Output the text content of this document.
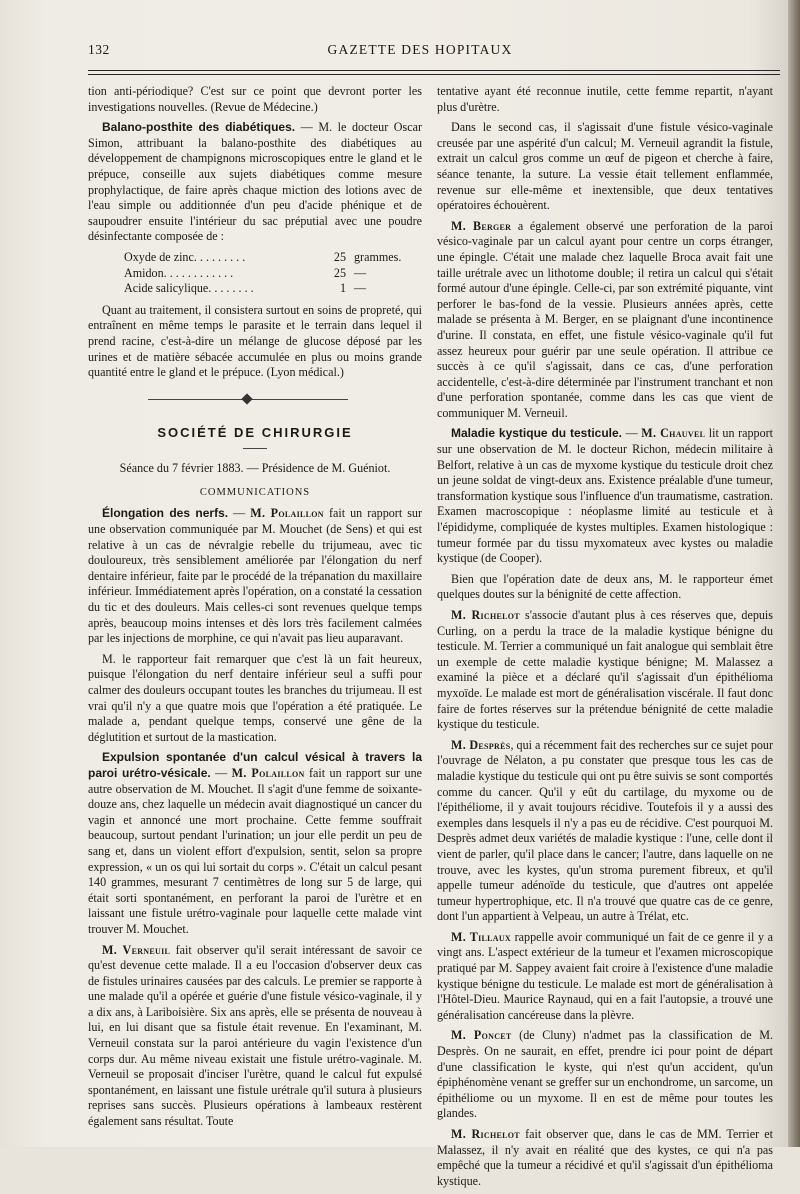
132	GAZETTE DES HOPITAUX

tion anti-périodique? C'est sur ce point que devront porter les investigations nouvelles. (Revue de Médecine.)

Balano-posthite des diabétiques. — M. le docteur Oscar Simon, attribuant la balano-posthite des diabétiques au développement de champignons microscopiques entre le gland et le prépuce, conseille aux sujets diabétiques comme mesure prophylactique, de faire après chaque miction des lotions avec de l'eau simple ou additionnée d'un peu d'acide phénique et de saupoudrer ensuite l'intérieur du sac préputial avec une poudre désinfectante composée de :

Oxyde de zinc. . . . . . . . .	25 grammes.
Amidon. . . . . . . . . . . .	25 —
Acide salicylique. . . . . . . .	1 —

Quant au traitement, il consistera surtout en soins de propreté, qui entraînent en même temps le parasite et le terrain dans lequel il prend racine, c'est-à-dire un mélange de glucose déposé par les urines et de matière sébacée accumulée en plus ou moins grande quantité entre le gland et le prépuce. (Lyon médical.)

SOCIÉTÉ DE CHIRURGIE
Séance du 7 février 1883. — Présidence de M. Guéniot.
COMMUNICATIONS

Élongation des nerfs. — M. Polaillon fait un rapport sur une observation communiquée par M. Mouchet (de Sens) et qui est relative à un cas de névralgie rebelle du trijumeau, avec tic douloureux, très sensiblement améliorée par l'élongation du nerf dentaire inférieur, faite par le procédé de la trépanation du maxillaire inférieur. Immédiatement après l'opération, on a constaté la cessation du tic et des douleurs. Mais celles-ci sont revenues quelque temps après, beaucoup moins intenses et dès lors très facilement calmées par les injections de morphine, ce qui n'avait pas lieu auparavant.

M. le rapporteur fait remarquer que c'est là un fait heureux, puisque l'élongation du nerf dentaire inférieur seul a suffi pour calmer des douleurs occupant toutes les branches du trijumeau. Il est vrai qu'il n'y a que quatre mois que l'opération a été pratiquée. Le malade a, pendant quelque temps, conservé une gêne de la déglutition et surtout de la mastication.

Expulsion spontanée d'un calcul vésical à travers la paroi urétro-vésicale. — M. Polaillon fait un rapport sur une autre observation de M. Mouchet. Il s'agit d'une femme de soixante-douze ans, chez laquelle un médecin avait diagnostiqué un cancer du vagin et annoncé une mort prochaine. Cette femme souffrait beaucoup, surtout pendant l'urination; un jour elle perdit un peu de sang et, dans un violent effort d'expulsion, sentit, selon sa propre expression, « un os qui lui sortait du corps ». C'était un calcul pesant 140 grammes, mesurant 7 centimètres de long sur 5 de large, qui était sorti spontanément, en perforant la paroi de l'urètre et en laissant une fistule urétro-vaginale pour laquelle cette malade vint trouver M. Mouchet.

M. Verneuil fait observer qu'il serait intéressant de savoir ce qu'est devenue cette malade. Il a eu l'occasion d'observer deux cas de fistules urinaires causées par des calculs. Le premier se rapporte à une malade qu'il a opérée et guérie d'une fistule vésico-vaginale, il y a dix ans, à Lariboisière. Six ans après, elle se présenta de nouveau à lui, en lui disant que sa fistule était revenue. En l'examinant, M. Verneuil constata sur la paroi antérieure du vagin l'existence d'un corps dur. Au même niveau existait une fistule urétro-vaginale. M. Verneuil se proposait d'inciser l'urètre, quand le calcul fut expulsé spontanément, en laissant une fistule urétrale qu'il sutura à plusieurs reprises sans succès. Plusieurs opérations à lambeaux restèrent également sans résultat. Toute

tentative ayant été reconnue inutile, cette femme repartit, n'ayant plus d'urètre.

Dans le second cas, il s'agissait d'une fistule vésico-vaginale creusée par une aspérité d'un calcul; M. Verneuil agrandit la fistule, extrait un calcul gros comme un œuf de pigeon et cherche à faire, séance tenante, la suture. La vessie était tellement enflammée, revenue sur elle-même et inextensible, que deux tentatives opératoires échouèrent.

M. Berger a également observé une perforation de la paroi vésico-vaginale par un calcul ayant pour centre un corps étranger, une épingle. C'était une malade chez laquelle Broca avait fait une taille urétrale avec un lithotome double; il retira un calcul qui s'était formé autour d'une épingle. Celle-ci, par son extrémité piquante, vint perforer le bas-fond de la vessie. Plusieurs années après, cette malade se présenta à M. Berger, en se plaignant d'une incontinence d'urine. Il constata, en effet, une fistule vésico-vaginale qu'il fut assez heureux pour guérir par une seule opération. Il attribue ce succès à ce qu'il s'agissait, dans ce cas, d'une perforation accidentelle, c'est-à-dire déterminée par l'instrument tranchant et non d'une perforation spontanée, comme dans les cas que vient de communiquer M. Verneuil.

Maladie kystique du testicule. — M. Chauvel lit un rapport sur une observation de M. le docteur Richon, médecin militaire à Belfort, relative à un cas de myxome kystique du testicule droit chez un jeune soldat de vingt-deux ans. Existence préalable d'une tumeur, transformation kystique sous l'influence d'un traumatisme, castration. Examen macroscopique : néoplasme limité au testicule et à l'épididyme, compliquée de kystes multiples. Examen histologique : tumeur formée par du tissu myxomateux avec kystes ou maladie kystique (de Cooper).

Bien que l'opération date de deux ans, M. le rapporteur émet quelques doutes sur la bénignité de cette affection.

M. Richelot s'associe d'autant plus à ces réserves que, depuis Curling, on a perdu la trace de la maladie kystique bénigne du testicule. M. Terrier a communiqué un fait analogue qui semblait être un exemple de cette maladie kystique bénigne; M. Malassez a examiné la pièce et a déclaré qu'il s'agissait d'un épithélioma myxoïde. Le malade est mort de généralisation viscérale. Il faut donc faire de fortes réserves sur la prétendue bénignité de cette maladie kystique du testicule.

M. Desprès, qui a récemment fait des recherches sur ce sujet pour l'ouvrage de Nélaton, a pu constater que presque tous les cas de maladie kystique du testicule qui ont pu être suivis se sont comportés comme du cancer. Qu'il y eût du cartilage, du myxome ou de l'épithéliome, il y avait toujours récidive. Toutefois il y a aussi des exemples dans lesquels il n'y a pas eu de récidive. C'est pourquoi M. Desprès admet deux variétés de maladie kystique : l'une, celle dont il vient de parler, qu'il place dans le cancer; l'autre, dans laquelle on ne trouve, avec les kystes, qu'un stroma purement fibreux, et qu'il appelle tumeur adénoïde du testicule, que d'autres ont appelée tumeur hypertrophique, etc. Il n'a trouvé que quatre cas de ce genre, dont l'un appartient à Velpeau, un autre à Trélat, etc.

M. Tillaux rappelle avoir communiqué un fait de ce genre il y a vingt ans. L'aspect extérieur de la tumeur et l'examen microscopique pratiqué par M. Sappey avaient fait croire à l'existence d'une maladie kystique bénigne du testicule. Le malade est mort de généralisation à l'Hôtel-Dieu. Maurice Raynaud, qui en a fait l'autopsie, a trouvé une généralisation cancéreuse dans la plèvre.

M. Poncet (de Cluny) n'admet pas la classification de M. Desprès. On ne saurait, en effet, prendre ici pour point de départ d'une classification le kyste, qui n'est qu'un accident, qu'un épiphénomène venant se greffer sur un enchondrome, un sarcome, un épithéliome ou un myxome. Il en est de même pour toutes les glandes.

M. Richelot fait observer que, dans le cas de MM. Terrier et Malassez, il n'y avait en réalité que des kystes, ce qui n'a pas empêché que la tumeur a récidivé et qu'il s'agissait d'un épithélioma kystique.
